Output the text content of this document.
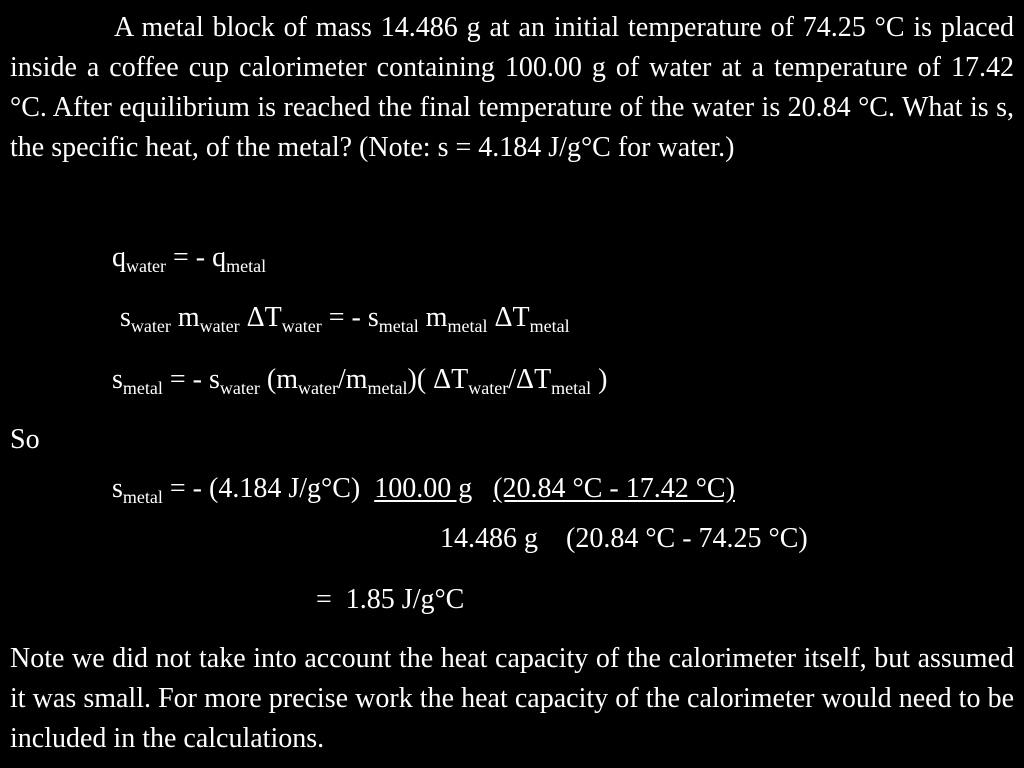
A metal block of mass 14.486 g at an initial temperature of 74.25 °C is placed inside a coffee cup calorimeter containing 100.00 g of water at a temperature of 17.42 °C. After equilibrium is reached the final temperature of the water is 20.84 °C. What is s, the specific heat, of the metal? (Note: s = 4.184 J/g°C for water.)

$q_{water}$ = - $q_{metal}$
$s_{water}$ $m_{water}$ $\Delta T_{water}$ = - $s_{metal}$ $m_{metal}$ $\Delta T_{metal}$
$s_{metal}$ = - $s_{water}$ $(m_{water}/m_{metal})$( $\Delta T_{water}/\Delta T_{metal}$ )
So
$s_{metal}$ = - (4.184 J/g°C)  100.00 g (20.84 °C - 17.42 °C)
14.486 g (20.84 °C - 74.25 °C)
=  1.85 J/g°C

Note we did not take into account the heat capacity of the calorimeter itself, but assumed it was small. For more precise work the heat capacity of the calorimeter would need to be included in the calculations.
